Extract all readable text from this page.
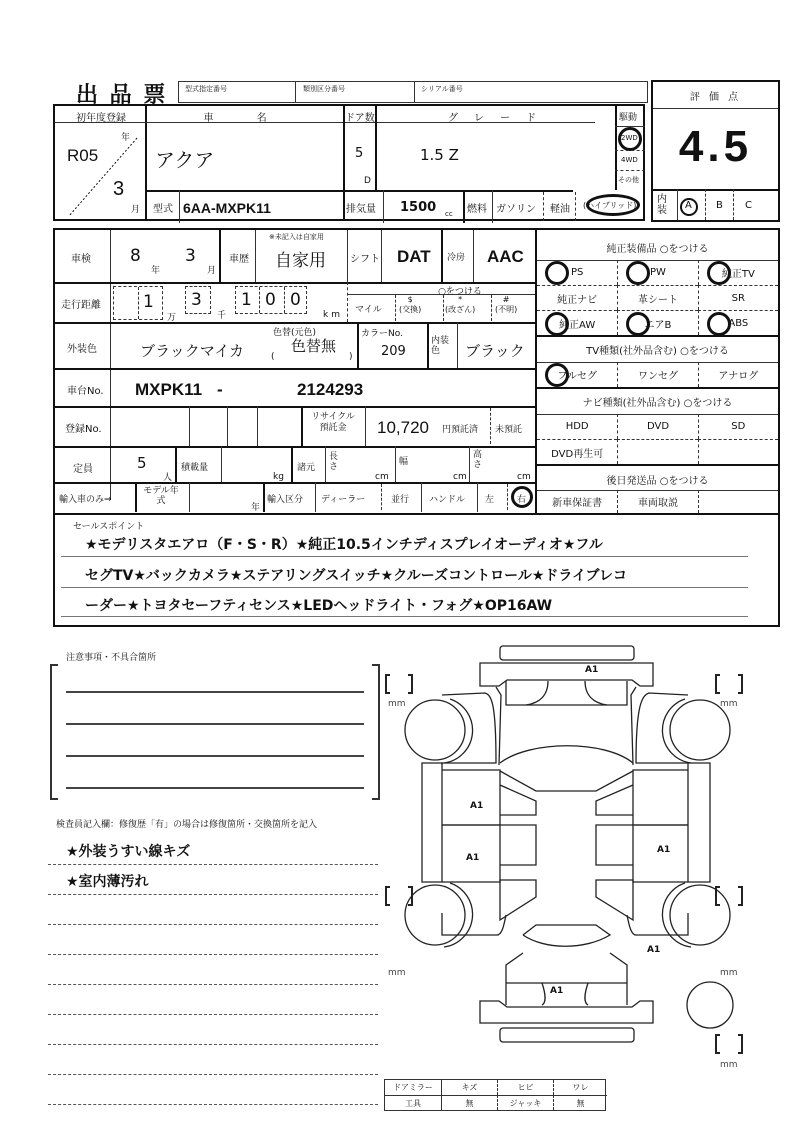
出 品 票	型式指定番号	類別区分番号	シリアル番号
評 価 点
4.5
内装	A B C
初年度登録
R05
年
3
月
車 名
アクア
型式 6AA-MXPK11
ドア数
5
D
排気量 1500 cc
グレード
1.5 Z
燃料 ガソリン 軽油 (ハイブリッド)
駆動
2WD
4WD
その他
車検 8
年
3
月
車歴
※未記入は自家用
自家用 シフト DAT 冷房 AAC
走行距離 1
万
3
千
1 0 0
km
○をつける
マイル
$
(交換)
*
(改ざん)
#
(不明)
外装色	ブラックマイカ
色替(元色)
色替無
(	)
カラーNo.
209
内装色	ブラック
車台No. MXPK11 -	2124293
登録No.
リサイクル預託金	10,720 円預託済 未預託
定員	5
人
積載量
kg
諸元
長さ
cm
幅
cm
高さ
cm
輸入車のみ⇒
モデル年式
年
輸入区分 ディーラー	並行 ハンドル 左	右
純正装備品 ○をつける
PS	PW	純正TV
純正ナビ	革シート	SR
純正AW	エアB	ABS
TV種類(社外品含む) ○をつける
フルセグ	ワンセグ	アナログ
ナビ種類(社外品含む) ○をつける
HDD	DVD	SD
DVD再生可
後日発送品 ○をつける
新車保証書	車両取説
セールスポイント
★モデリスタエアロ（F・S・R）★純正10.5インチディスプレイオーディオ★フル
セグTV★バックカメラ★ステアリングスイッチ★クルーズコントロール★ドライブレコ
ーダー★トヨタセーフティセンス★LEDヘッドライト・フォグ★OP16AW
注意事項・不具合箇所
検査員記入欄：修復歴「有」の場合は修復箇所・交換箇所を記入
★外装うすい線キズ
★室内薄汚れ
mm	mm
mm	mm
mm
A1
A1
A1
A1
A1
A1
ドアミラー	キズ	ヒビ	ワレ
工具	無	ジャッキ	無
